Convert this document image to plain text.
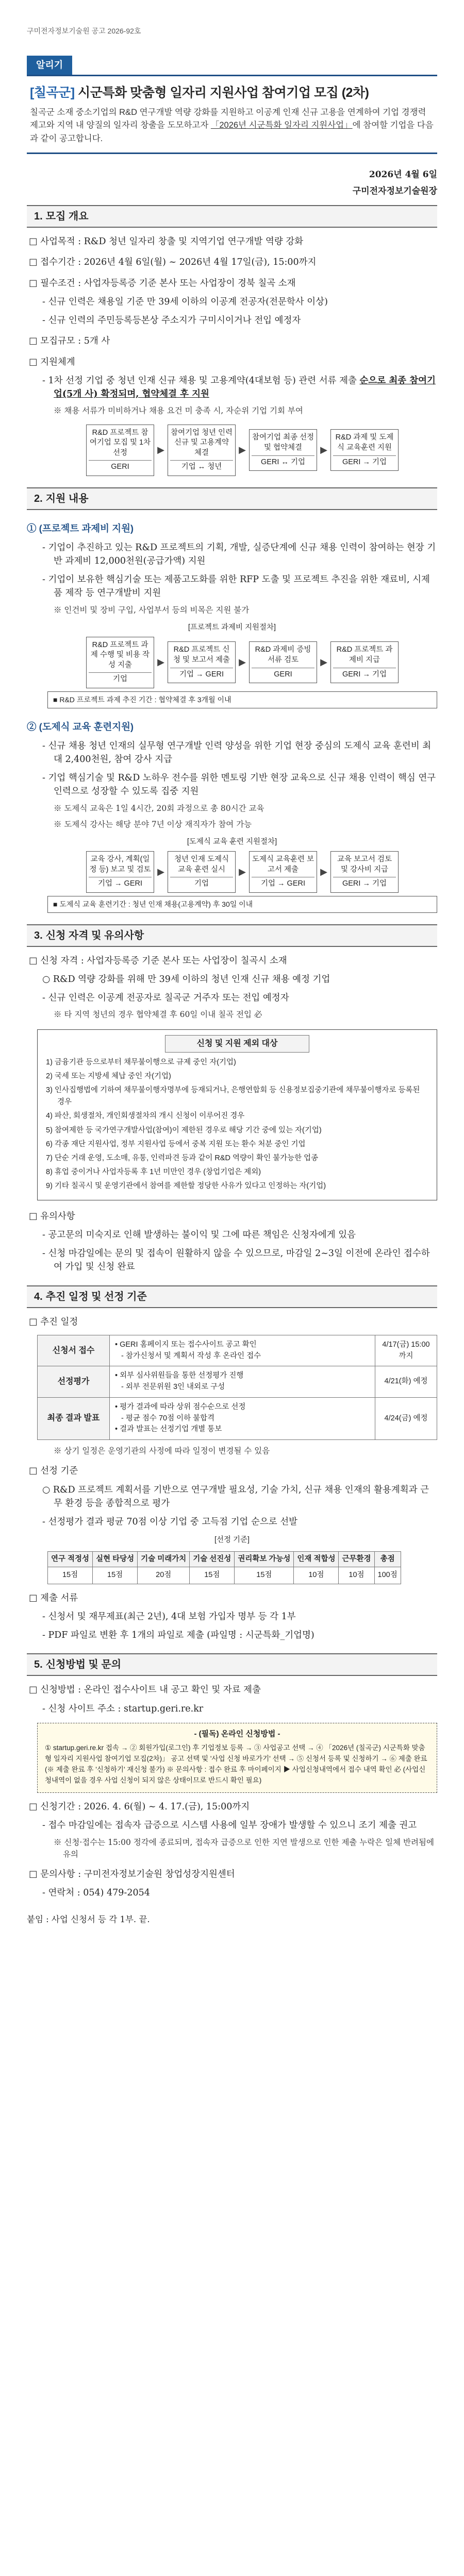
구미전자정보기술원 공고 2026-92호
알리기
[칠곡군] 시군특화 맞춤형 일자리 지원사업 참여기업 모집 (2차)
칠곡군 소재 중소기업의 R&D 연구개발 역량 강화를 지원하고 이공계 인재 신규 고용을 연계하여 기업 경쟁력 제고와 지역 내 양질의 일자리 창출을 도모하고자 「2026년 시군특화 일자리 지원사업」에 참여할 기업을 다음과 같이 공고합니다.
2026년 4월 6일
구미전자정보기술원장
1. 모집 개요
□ 사업목적 : R&D 청년 일자리 창출 및 지역기업 연구개발 역량 강화
□ 접수기간 : 2026년 4월 6일(월) ~ 2026년 4월 17일(금), 15:00까지
□ 필수조건 : 사업자등록증 기준 본사 또는 사업장이 경북 칠곡 소재
- 신규 인력은 채용일 기준 만 39세 이하의 이공계 전공자(전문학사 이상)
- 신규 인력의 주민등록등본상 주소지가 구미시이거나 전입 예정자
□ 모집규모 : 5개 사
□ 지원체계
- 1차 선정 기업 중 청년 인재 신규 채용 및 고용계약(4대보험 등) 관련 서류 제출 순으로 최종 참여기업(5개 사) 확정되며, 협약체결 후 지원
※ 채용 서류가 미비하거나 채용 요건 미 충족 시, 자순위 기업 기회 부여
R&D 프로젝트 참여기업 모집 및 1차 선정
GERI
▶
참여기업 청년 인력 신규 및 고용계약 체결
기업 ↔ 청년
▶
참여기업 최종 선정 및 협약체결
GERI ↔ 기업
▶
R&D 과제 및 도제식 교육훈련 지원
GERI → 기업
2. 지원 내용
① (프로젝트 과제비 지원)
- 기업이 추진하고 있는 R&D 프로젝트의 기획, 개발, 실증단계에 신규 채용 인력이 참여하는 현장 기반 과제비 12,000천원(공급가액) 지원
- 기업이 보유한 핵심기술 또는 제품고도화를 위한 RFP 도출 및 프로젝트 추진을 위한 재료비, 시제품 제작 등 연구개발비 지원
※ 인건비 및 장비 구입, 사업부서 등의 비목은 지원 불가
[프로젝트 과제비 지원절차]
R&D 프로젝트 과제 수행 및 비용 작성 지출
기업
▶
R&D 프로젝트 신청 및 보고서 제출
기업 → GERI
▶
R&D 과제비 증빙 서류 검토
GERI
▶
R&D 프로젝트 과제비 지급
GERI → 기업
■ R&D 프로젝트 과제 추진 기간 : 협약체결 후 3개월 이내
② (도제식 교육 훈련지원)
- 신규 채용 청년 인재의 실무형 연구개발 인력 양성을 위한 기업 현장 중심의 도제식 교육 훈련비 최대 2,400천원, 참여 강사 지급
- 기업 핵심기술 및 R&D 노하우 전수를 위한 멘토링 기반 현장 교육으로 신규 채용 인력이 핵심 연구인력으로 성장할 수 있도록 집중 지원
※ 도제식 교육은 1일 4시간, 20회 과정으로 총 80시간 교육
※ 도제식 강사는 해당 분야 7년 이상 재직자가 참여 가능
[도제식 교육 훈련 지원절차]
교육 강사, 계획(일정 등) 보고 및 검토
기업 → GERI
▶
청년 인재 도제식 교육 훈련 실시
기업
▶
도제식 교육훈련 보고서 제출
기업 → GERI
▶
교육 보고서 검토 및 강사비 지급
GERI → 기업
■ 도제식 교육 훈련기간 : 청년 인재 채용(고용계약) 후 30일 이내
3. 신청 자격 및 유의사항
□ 신청 자격 : 사업자등록증 기준 본사 또는 사업장이 칠곡시 소재
○ R&D 역량 강화를 위해 만 39세 이하의 청년 인재 신규 채용 예정 기업
- 신규 인력은 이공계 전공자로 칠곡군 거주자 또는 전입 예정자
※ 타 지역 청년의 경우 협약체결 후 60일 이내 칠곡 전입 必
신청 및 지원 제외 대상

1) 금융기관 등으로부터 채무불이행으로 규제 중인 자(기업)

2) 국세 또는 지방세 체납 중인 자(기업)

3) 인사집행법에 기하여 채무불이행자명부에 등재되거나, 은행연합회 등 신용정보집중기관에 채무불이행자로 등록된 경우

4) 파산, 회생절차, 개인회생절차의 개시 신청이 이루어진 경우

5) 참여제한 등 국가연구개발사업(참여)이 제한된 경우로 해당 기간 중에 있는 자(기업)

6) 각종 재단 지원사업, 정부 지원사업 등에서 중복 지원 또는 환수 처분 중인 기업

7) 단순 거래 운영, 도소매, 유통, 인력파견 등과 같이 R&D 역량이 확인 불가능한 업종

8) 휴업 중이거나 사업자등록 후 1년 미만인 경우 (창업기업은 제외)

9) 기타 칠곡시 및 운영기관에서 참여를 제한할 정당한 사유가 있다고 인정하는 자(기업)

□ 유의사항
- 공고문의 미숙지로 인해 발생하는 불이익 및 그에 따른 책임은 신청자에게 있음
- 신청 마감일에는 문의 및 접속이 원활하지 않을 수 있으므로, 마감일 2~3일 이전에 온라인 접수하여 가입 및 신청 완료
4. 추진 일정 및 선정 기준
□ 추진 일정
신청서 접수	• GERI 홈페이지 또는 접수사이트 공고 확인
- 참가신청서 및 계획서 작성 후 온라인 접수	4/17(금) 15:00까지
선정평가	• 외부 심사위원들을 통한 선정평가 진행
- 외부 전문위원 3인 내외로 구성	4/21(화) 예정
최종 결과 발표	• 평가 결과에 따라 상위 점수순으로 선정
- 평균 점수 70점 이하 불합격
• 결과 발표는 선정기업 개별 통보	4/24(금) 예정
※ 상기 일정은 운영기관의 사정에 따라 일정이 변경될 수 있음
□ 선정 기준
○ R&D 프로젝트 계획서를 기반으로 연구개발 필요성, 기술 가치, 신규 채용 인재의 활용계획과 근무 환경 등을 종합적으로 평가
- 선정평가 결과 평균 70점 이상 기업 중 고득점 기업 순으로 선발
[선정 기준]
연구 적정성	실현 타당성	기술 미래가치	기술 선진성	권리확보 가능성	인재 적합성	근무환경	총점
15점	15점	20점	15점	15점	10점	10점	100점
□ 제출 서류
- 신청서 및 재무제표(최근 2년), 4대 보험 가입자 명부 등 각 1부
- PDF 파일로 변환 후 1개의 파일로 제출 (파일명 : 시군특화_기업명)
5. 신청방법 및 문의
□ 신청방법 : 온라인 접수사이트 내 공고 확인 및 자료 제출
- 신청 사이트 주소 : startup.geri.re.kr
- (필독) 온라인 신청방법 -

① startup.geri.re.kr 접속 → ② 회원가입(로그인) 후 기업정보 등록 → ③ 사업공고 선택 → ④ 「2026년 (칠곡군) 시군특화 맞춤형 일자리 지원사업 참여기업 모집(2차)」 공고 선택 및 '사업 신청 바로가기' 선택 → ⑤ 신청서 등록 및 신청하기 → ⑥ 제출 완료 (※ 제출 완료 후 '신청하기' 재신청 불가) ※ 문의사항 : 접수 완료 후 마이페이지 ▶ 사업신청내역에서 접수 내역 확인 必 (사업신청내역이 없을 경우 사업 신청이 되지 않은 상태이므로 반드시 확인 필요)

□ 신청기간 : 2026. 4. 6(월) ~ 4. 17.(금), 15:00까지
- 접수 마감일에는 접속자 급증으로 시스템 사용에 일부 장애가 발생할 수 있으니 조기 제출 권고
※ 신청·접수는 15:00 정각에 종료되며, 접속자 급증으로 인한 지연 발생으로 인한 제출 누락은 일체 반려됨에 유의
□ 문의사항 : 구미전자정보기술원 창업성장지원센터
- 연락처 : 054) 479-2054
붙임 : 사업 신청서 등 각 1부. 끝.
